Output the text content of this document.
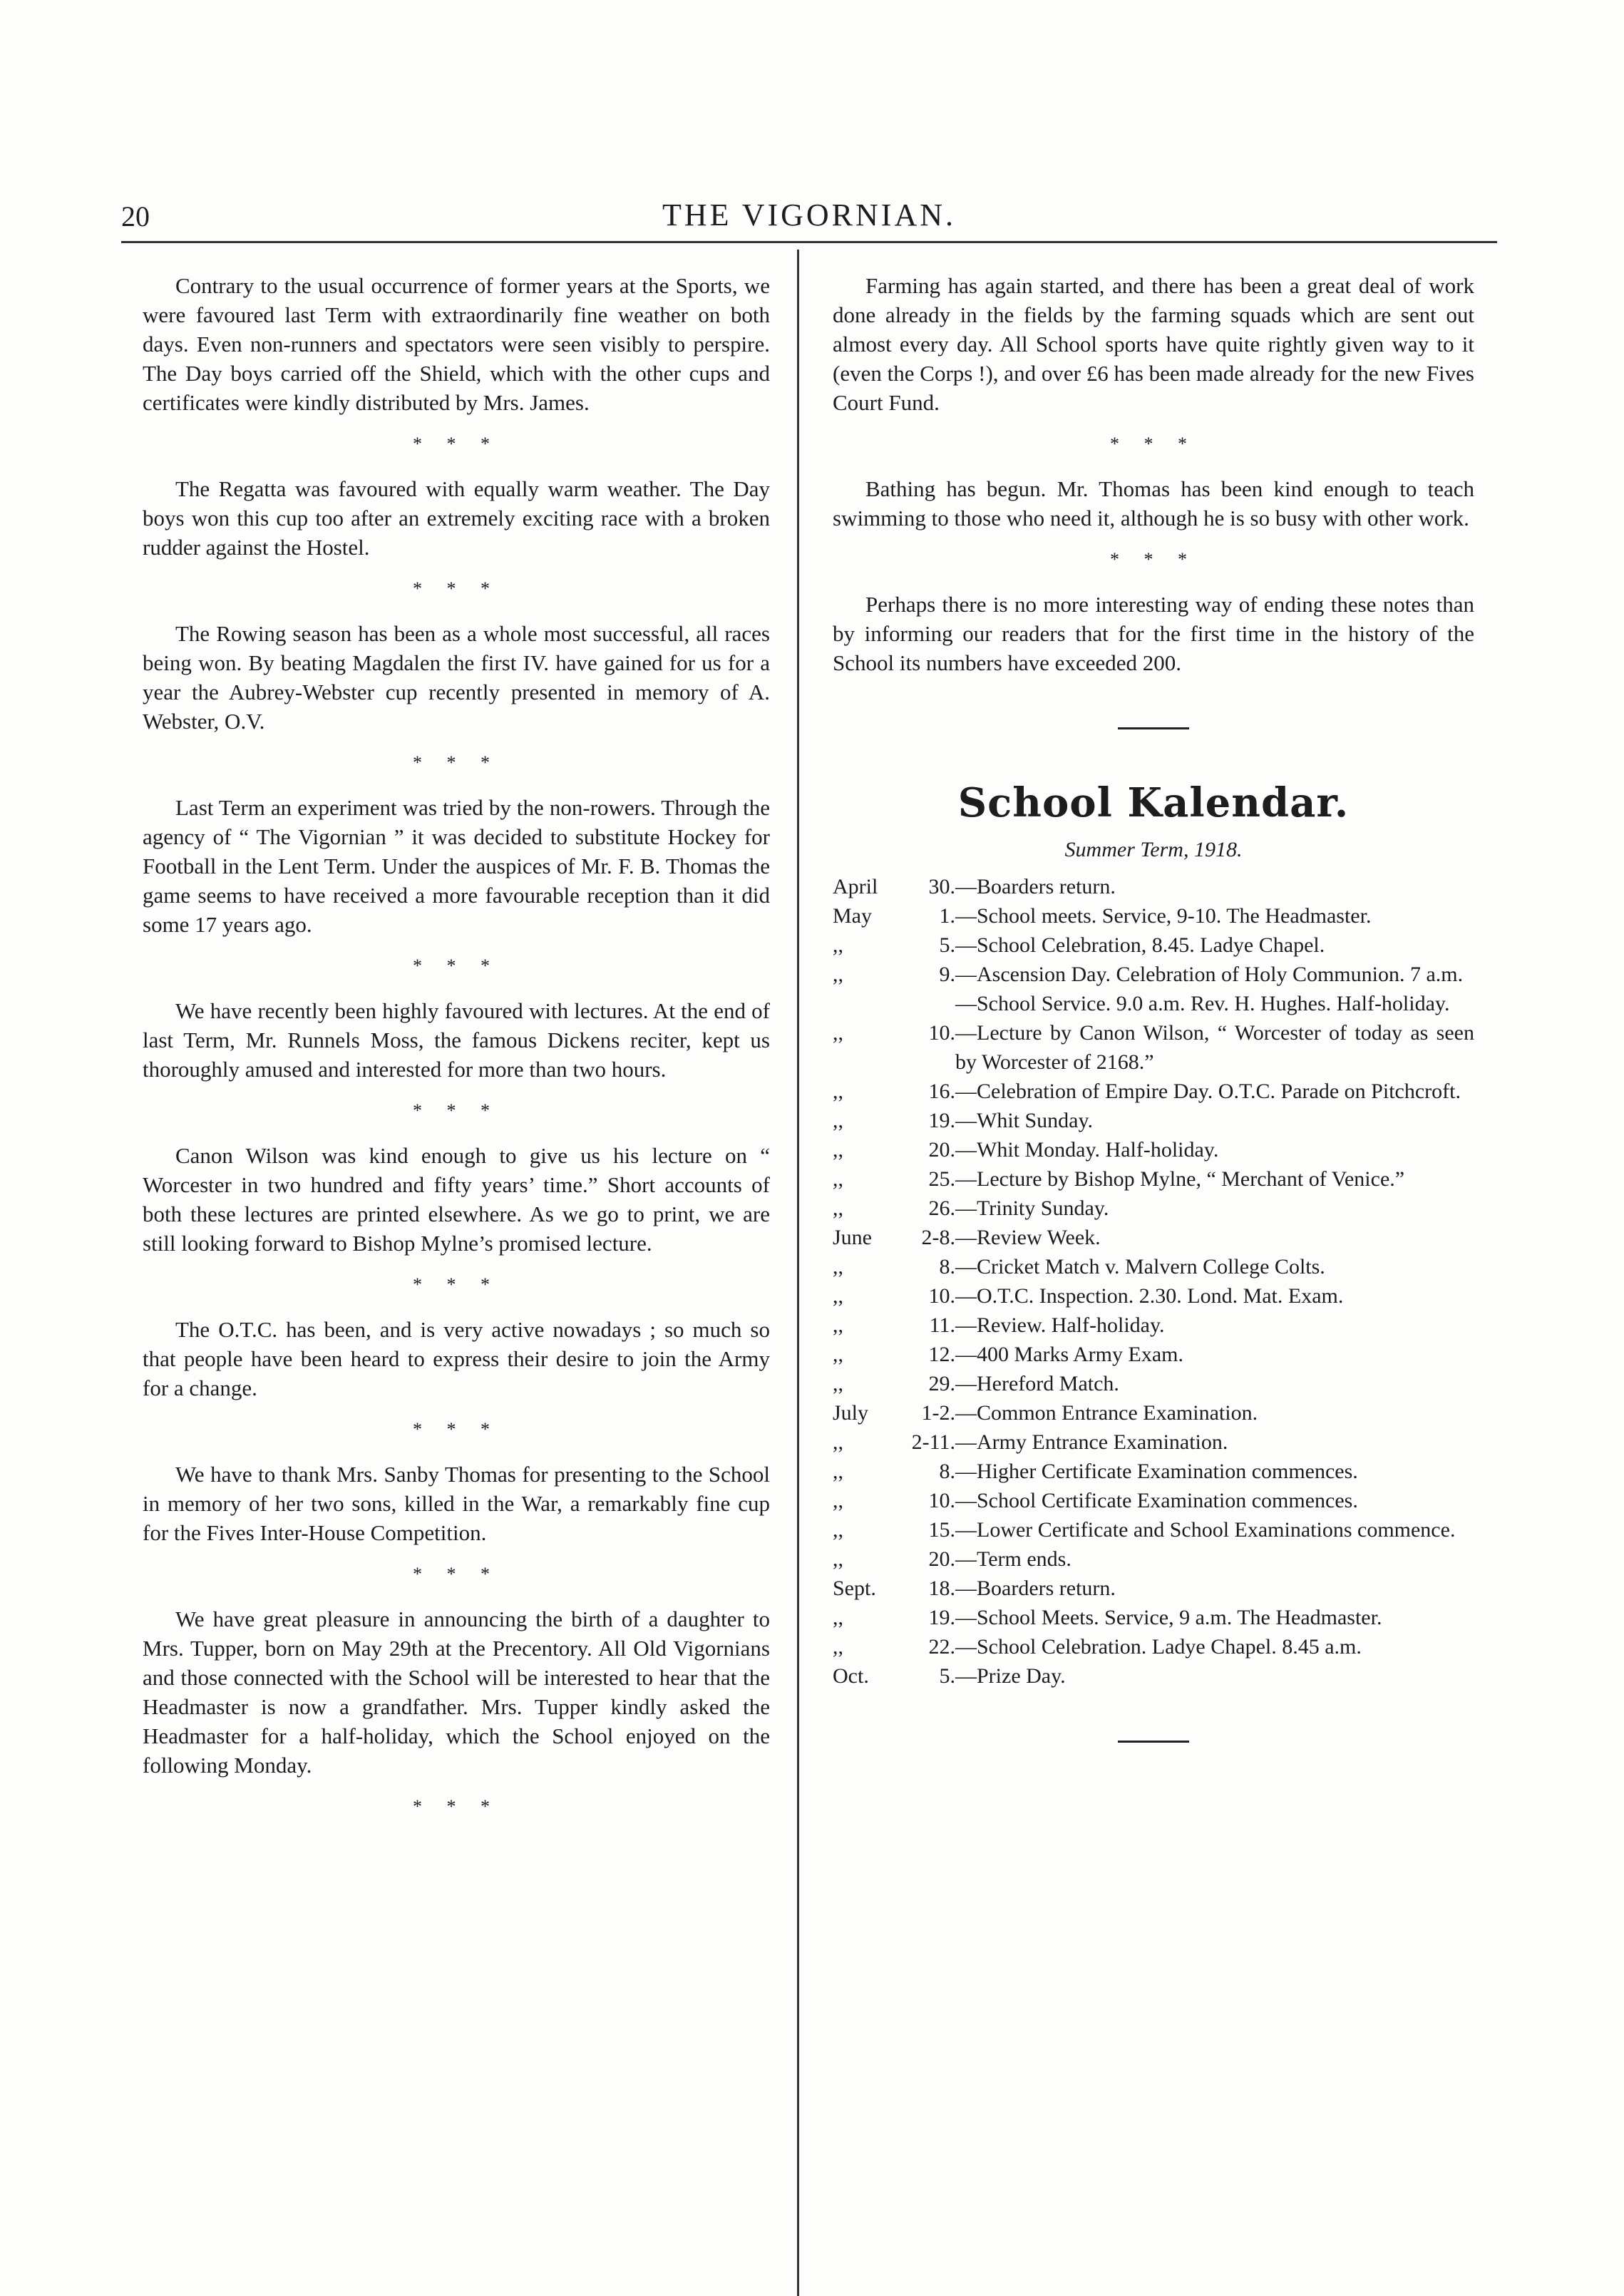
20	THE VIGORNIAN.

Contrary to the usual occurrence of former years at the Sports, we were favoured last Term with extraordinarily fine weather on both days. Even non-runners and spectators were seen visibly to perspire. The Day boys carried off the Shield, which with the other cups and certificates were kindly distributed by Mrs. James.

* * *

The Regatta was favoured with equally warm weather. The Day boys won this cup too after an extremely exciting race with a broken rudder against the Hostel.

* * *

The Rowing season has been as a whole most successful, all races being won. By beating Magdalen the first IV. have gained for us for a year the Aubrey-Webster cup recently presented in memory of A. Webster, O.V.

* * *

Last Term an experiment was tried by the non-rowers. Through the agency of “ The Vigornian ” it was decided to substitute Hockey for Football in the Lent Term. Under the auspices of Mr. F. B. Thomas the game seems to have received a more favourable reception than it did some 17 years ago.

* * *

We have recently been highly favoured with lectures. At the end of last Term, Mr. Runnels Moss, the famous Dickens reciter, kept us thoroughly amused and interested for more than two hours.

* * *

Canon Wilson was kind enough to give us his lecture on “ Worcester in two hundred and fifty years’ time.” Short accounts of both these lectures are printed elsewhere. As we go to print, we are still looking forward to Bishop Mylne’s promised lecture.

* * *

The O.T.C. has been, and is very active nowadays ; so much so that people have been heard to express their desire to join the Army for a change.

* * *

We have to thank Mrs. Sanby Thomas for presenting to the School in memory of her two sons, killed in the War, a remarkably fine cup for the Fives Inter-House Competition.

* * *

We have great pleasure in announcing the birth of a daughter to Mrs. Tupper, born on May 29th at the Precentory. All Old Vigornians and those connected with the School will be interested to hear that the Headmaster is now a grandfather. Mrs. Tupper kindly asked the Headmaster for a half-holiday, which the School enjoyed on the following Monday.

* * *

Farming has again started, and there has been a great deal of work done already in the fields by the farming squads which are sent out almost every day. All School sports have quite rightly given way to it (even the Corps !), and over £6 has been made already for the new Fives Court Fund.

* * *

Bathing has begun. Mr. Thomas has been kind enough to teach swimming to those who need it, although he is so busy with other work.

* * *

Perhaps there is no more interesting way of ending these notes than by informing our readers that for the first time in the history of the School its numbers have exceeded 200.

School Kalendar.
Summer Term, 1918.
April	30. —Boarders return.
May	1. —School meets. Service, 9-10. The Headmaster.
,,	5. —School Celebration, 8.45. Ladye Chapel.
,,	9. —Ascension Day. Celebration of Holy Communion. 7 a.m.
—School Service. 9.0 a.m. Rev. H. Hughes. Half-holiday.
,,	10. —Lecture by Canon Wilson, “ Worcester of today as seen by Worcester of 2168.”
,,	16. —Celebration of Empire Day. O.T.C. Parade on Pitchcroft.
,,	19. —Whit Sunday.
,,	20. —Whit Monday. Half-holiday.
,,	25. —Lecture by Bishop Mylne, “ Merchant of Venice.”
,,	26. —Trinity Sunday.
June	2-8. —Review Week.
,,	8. —Cricket Match v. Malvern College Colts.
,,	10. —O.T.C. Inspection. 2.30. Lond. Mat. Exam.
,,	11. —Review. Half-holiday.
,,	12. —400 Marks Army Exam.
,,	29. —Hereford Match.
July	1-2. —Common Entrance Examination.
,,	2-11. —Army Entrance Examination.
,,	8. —Higher Certificate Examination commences.
,,	10. —School Certificate Examination commences.
,,	15. —Lower Certificate and School Examinations commence.
,,	20. —Term ends.
Sept.	18. —Boarders return.
,,	19. —School Meets. Service, 9 a.m. The Headmaster.
,,	22. —School Celebration. Ladye Chapel. 8.45 a.m.
Oct.	5. —Prize Day.
